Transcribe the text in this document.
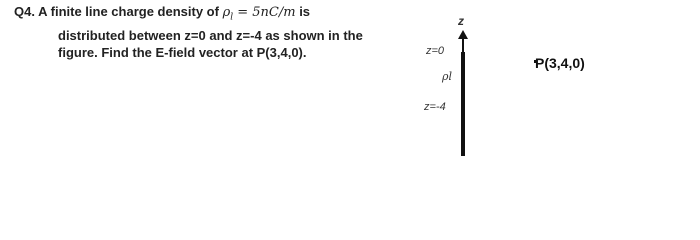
Q4. A finite line charge density of $\rho_l = 5nC/m$ is
distributed between z=0 and z=-4 as shown in the
figure. Find the E-field vector at P(3,4,0).
z
z=0
ρl
z=-4
P(3,4,0)
